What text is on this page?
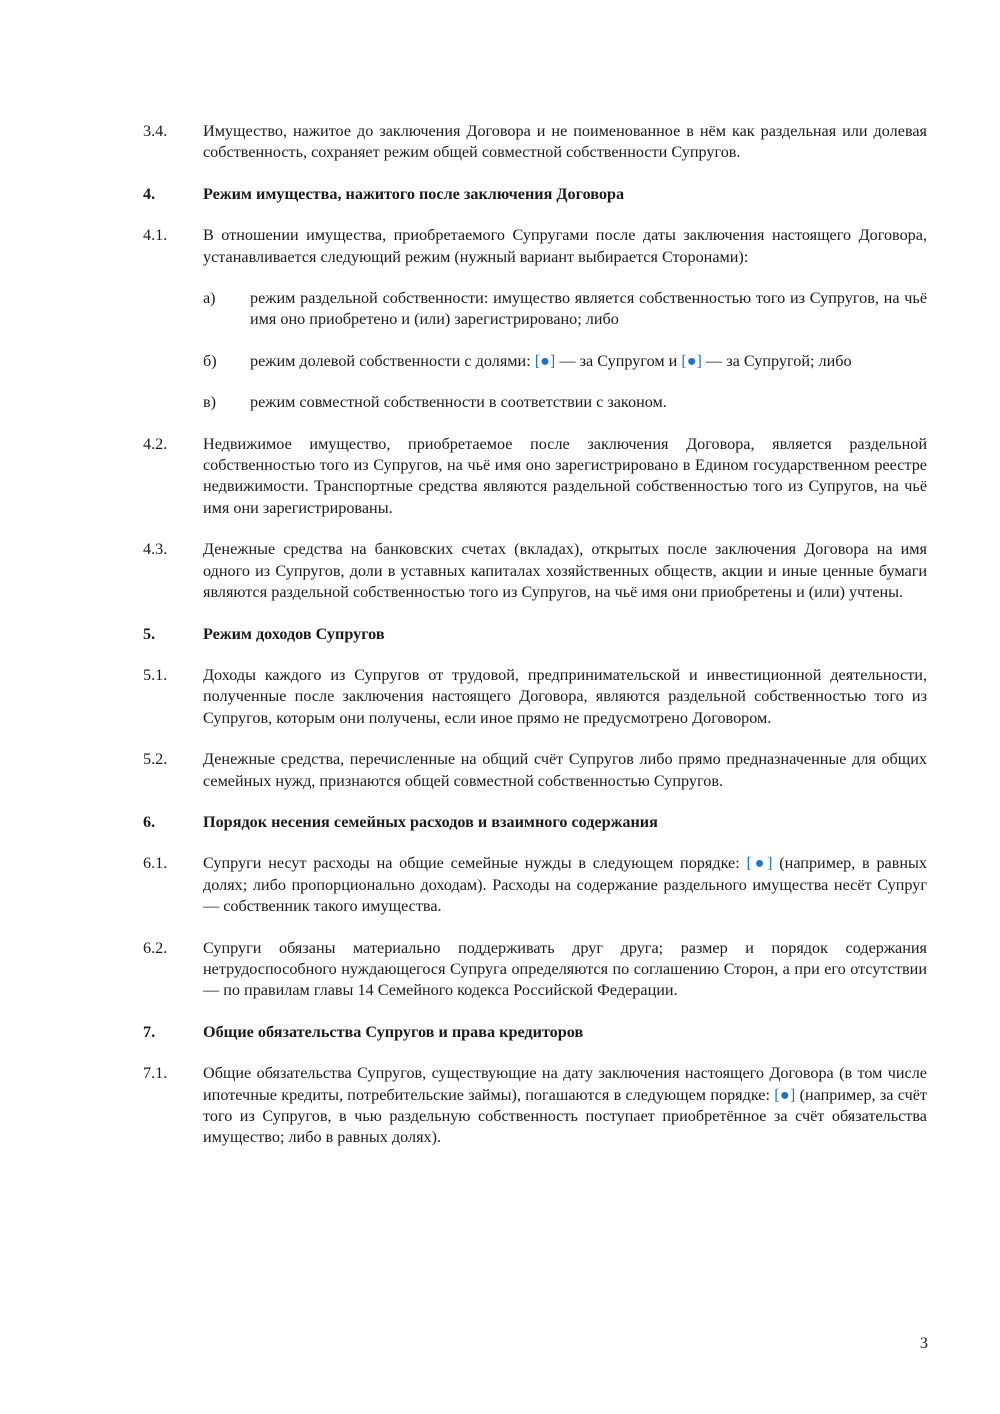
3.4.	Имущество, нажитое до заключения Договора и не поименованное в нём как раздельная или долевая собственность, сохраняет режим общей совместной собственности Супругов.
4.	Режим имущества, нажитого после заключения Договора
4.1.	В отношении имущества, приобретаемого Супругами после даты заключения настоящего Договора, устанавливается следующий режим (нужный вариант выбирается Сторонами):
а)	режим раздельной собственности: имущество является собственностью того из Супругов, на чьё имя оно приобретено и (или) зарегистрировано; либо
б)	режим долевой собственности с долями: [●] — за Супругом и [●] — за Супругой; либо
в)	режим совместной собственности в соответствии с законом.
4.2.	Недвижимое имущество, приобретаемое после заключения Договора, является раздельной собственностью того из Супругов, на чьё имя оно зарегистрировано в Едином государственном реестре недвижимости. Транспортные средства являются раздельной собственностью того из Супругов, на чьё имя они зарегистрированы.
4.3.	Денежные средства на банковских счетах (вкладах), открытых после заключения Договора на имя одного из Супругов, доли в уставных капиталах хозяйственных обществ, акции и иные ценные бумаги являются раздельной собственностью того из Супругов, на чьё имя они приобретены и (или) учтены.
5.	Режим доходов Супругов
5.1.	Доходы каждого из Супругов от трудовой, предпринимательской и инвестиционной деятельности, полученные после заключения настоящего Договора, являются раздельной собственностью того из Супругов, которым они получены, если иное прямо не предусмотрено Договором.
5.2.	Денежные средства, перечисленные на общий счёт Супругов либо прямо предназначенные для общих семейных нужд, признаются общей совместной собственностью Супругов.
6.	Порядок несения семейных расходов и взаимного содержания
6.1.	Супруги несут расходы на общие семейные нужды в следующем порядке: [●] (например, в равных долях; либо пропорционально доходам). Расходы на содержание раздельного имущества несёт Супруг — собственник такого имущества.
6.2.	Супруги обязаны материально поддерживать друг друга; размер и порядок содержания нетрудоспособного нуждающегося Супруга определяются по соглашению Сторон, а при его отсутствии — по правилам главы 14 Семейного кодекса Российской Федерации.
7.	Общие обязательства Супругов и права кредиторов
7.1.	Общие обязательства Супругов, существующие на дату заключения настоящего Договора (в том числе ипотечные кредиты, потребительские займы), погашаются в следующем порядке: [●] (например, за счёт того из Супругов, в чью раздельную собственность поступает приобретённое за счёт обязательства имущество; либо в равных долях).
3
